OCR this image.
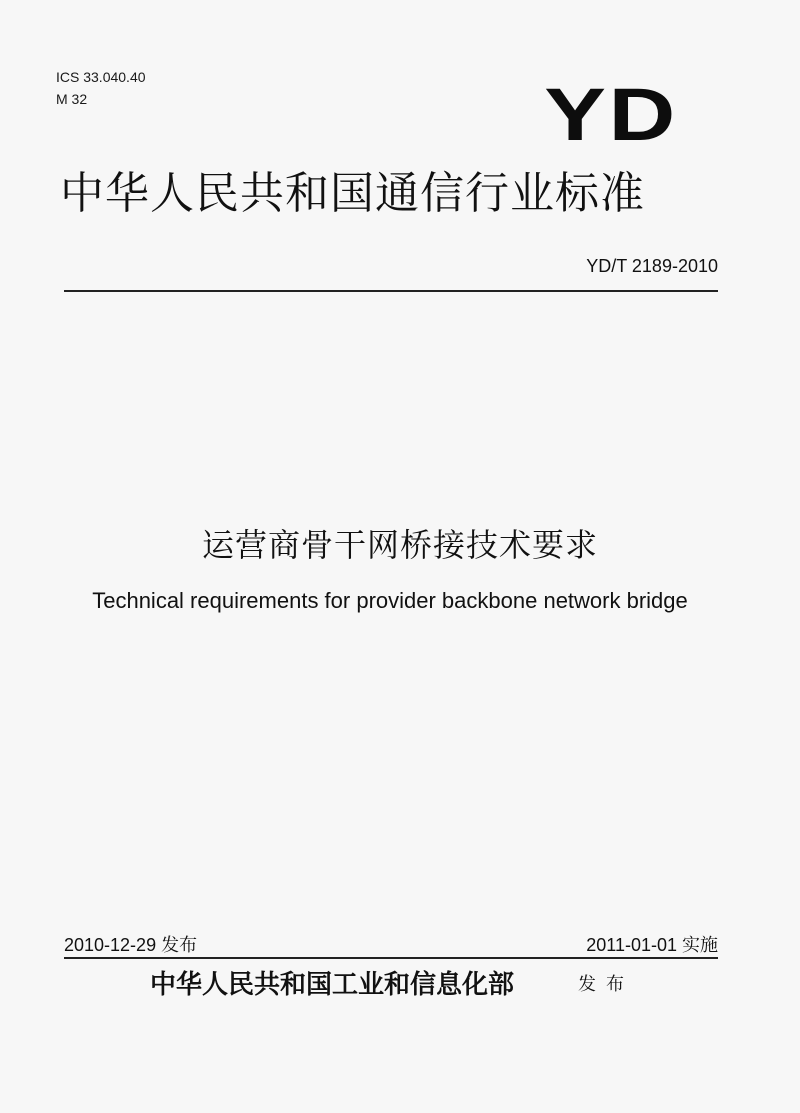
ICS 33.040.40
M 32	YD
中华人民共和国通信行业标准
YD/T 2189-2010
运营商骨干网桥接技术要求
Technical requirements for provider backbone network bridge
2010-12-29 发布	2011-01-01 实施
中华人民共和国工业和信息化部	发布
